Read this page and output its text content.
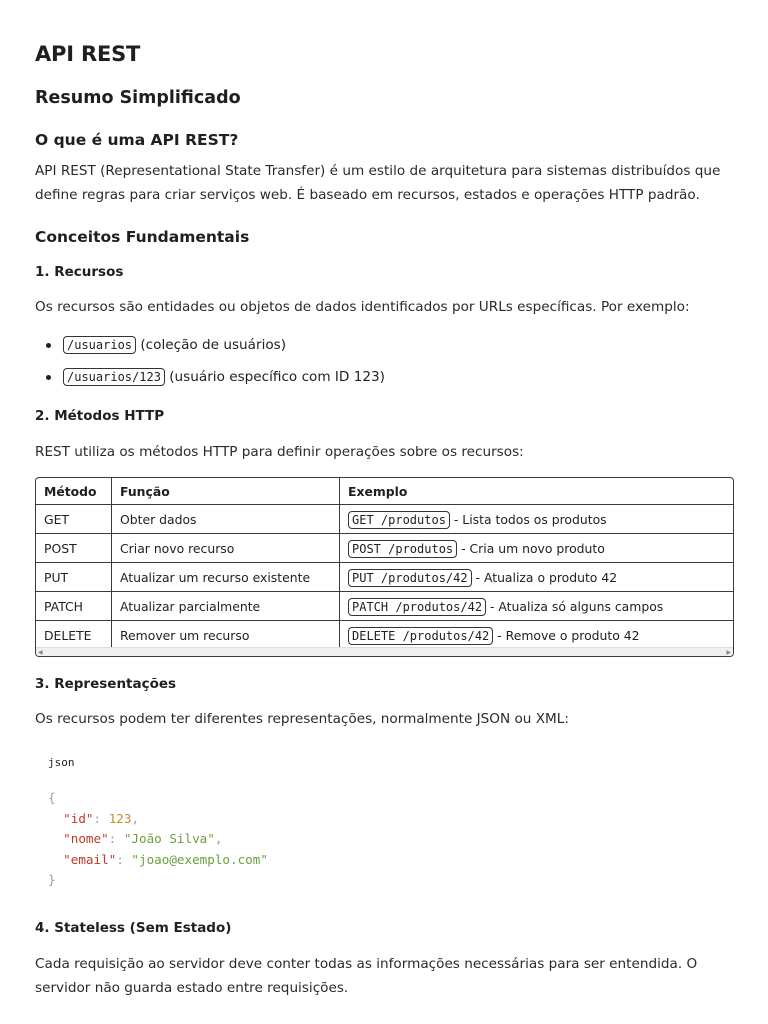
API REST
Resumo Simplificado
O que é uma API REST?
API REST (Representational State Transfer) é um estilo de arquitetura para sistemas distribuídos que define regras para criar serviços web. É baseado em recursos, estados e operações HTTP padrão.
Conceitos Fundamentais
1. Recursos
Os recursos são entidades ou objetos de dados identificados por URLs específicas. Por exemplo:
/usuarios (coleção de usuários)
/usuarios/123 (usuário específico com ID 123)
2. Métodos HTTP
REST utiliza os métodos HTTP para definir operações sobre os recursos:
Método	Função	Exemplo
GET	Obter dados	GET /produtos - Lista todos os produtos
POST	Criar novo recurso	POST /produtos - Cria um novo produto
PUT	Atualizar um recurso existente	PUT /produtos/42 - Atualiza o produto 42
PATCH	Atualizar parcialmente	PATCH /produtos/42 - Atualiza só alguns campos
DELETE	Remover um recurso	DELETE /produtos/42 - Remove o produto 42
◀	▶
3. Representações
Os recursos podem ter diferentes representações, normalmente JSON ou XML:
json
{
"id": 123,
"nome": "João Silva",
"email": "joao@exemplo.com"
}
4. Stateless (Sem Estado)
Cada requisição ao servidor deve conter todas as informações necessárias para ser entendida. O servidor não guarda estado entre requisições.
